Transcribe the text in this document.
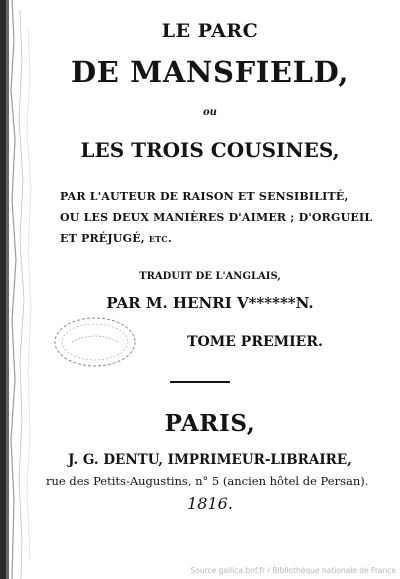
LE PARC
DE MANSFIELD,
ou
LES TROIS COUSINES,
PAR L'AUTEUR DE RAISON ET SENSIBILITÉ,
OU LES DEUX MANIÈRES D'AIMER ; D'ORGUEIL
ET PRÉJUGÉ, etc.
TRADUIT DE L'ANGLAIS,
PAR M. HENRI V******N.
TOME PREMIER.
PARIS,
J. G. DENTU, IMPRIMEUR-LIBRAIRE,
rue des Petits-Augustins, n° 5 (ancien hôtel de Persan).
1816.
Source gallica.bnf.fr / Bibliothèque nationale de France
